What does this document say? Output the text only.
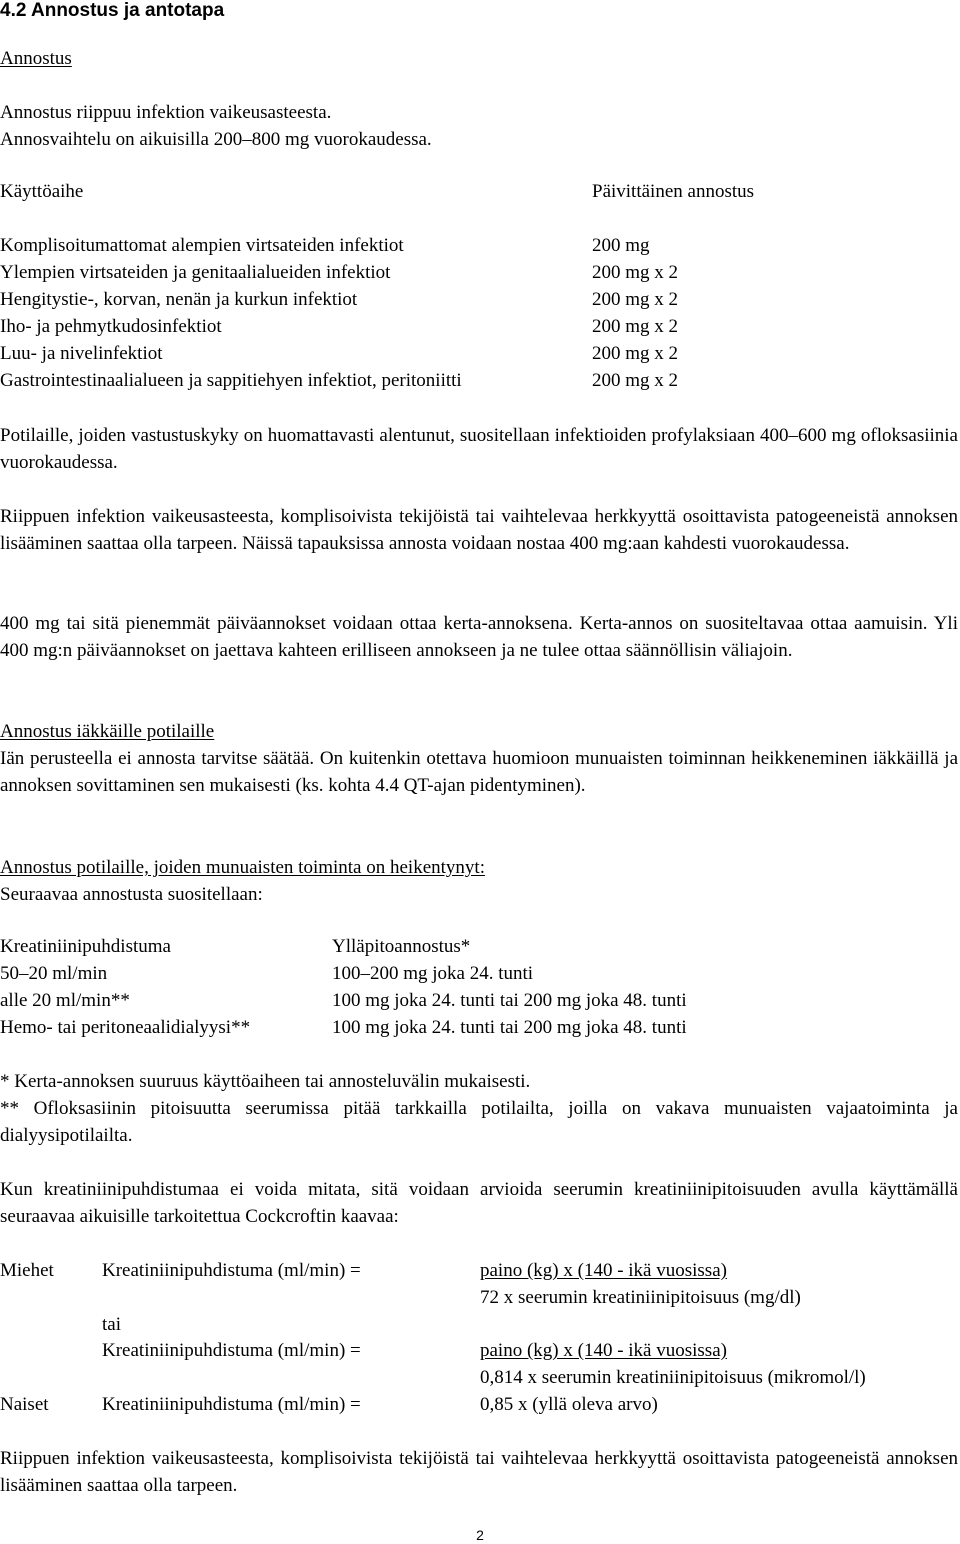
4.2 Annostus ja antotapa
Annostus
Annostus riippuu infektion vaikeusasteesta.
Annosvaihtelu on aikuisilla 200–800 mg vuorokaudessa.
Käyttöaihe	Päivittäinen annostus
Komplisoitumattomat alempien virtsateiden infektiot	200 mg
Ylempien virtsateiden ja genitaalialueiden infektiot	200 mg x 2
Hengitystie-, korvan, nenän ja kurkun infektiot	200 mg x 2
Iho- ja pehmytkudosinfektiot	200 mg x 2
Luu- ja nivelinfektiot	200 mg x 2
Gastrointestinaalialueen ja sappitiehyen infektiot, peritoniitti	200 mg x 2
Potilaille, joiden vastustuskyky on huomattavasti alentunut, suositellaan infektioiden profylaksiaan 400–600 mg ofloksasiinia vuorokaudessa.
Riippuen infektion vaikeusasteesta, komplisoivista tekijöistä tai vaihtelevaa herkkyyttä osoittavista patogeeneistä annoksen lisääminen saattaa olla tarpeen. Näissä tapauksissa annosta voidaan nostaa 400 mg:aan kahdesti vuorokaudessa.
400 mg tai sitä pienemmät päiväannokset voidaan ottaa kerta-annoksena. Kerta-annos on suositeltavaa ottaa aamuisin. Yli 400 mg:n päiväannokset on jaettava kahteen erilliseen annokseen ja ne tulee ottaa säännöllisin väliajoin.
Annostus iäkkäille potilaille
Iän perusteella ei annosta tarvitse säätää. On kuitenkin otettava huomioon munuaisten toiminnan heikkeneminen iäkkäillä ja annoksen sovittaminen sen mukaisesti (ks. kohta 4.4 QT-ajan pidentyminen).
Annostus potilaille, joiden munuaisten toiminta on heikentynyt:
Seuraavaa annostusta suositellaan:
Kreatiniinipuhdistuma	Ylläpitoannostus*
50–20 ml/min	100–200 mg joka 24. tunti
alle 20 ml/min**	100 mg joka 24. tunti tai 200 mg joka 48. tunti
Hemo- tai peritoneaalidialyysi**	100 mg joka 24. tunti tai 200 mg joka 48. tunti
* Kerta-annoksen suuruus käyttöaiheen tai annosteluvälin mukaisesti.
** Ofloksasiinin pitoisuutta seerumissa pitää tarkkailla potilailta, joilla on vakava munuaisten vajaatoiminta ja dialyysipotilailta.
Kun kreatiniinipuhdistumaa ei voida mitata, sitä voidaan arvioida seerumin kreatiniinipitoisuuden avulla käyttämällä seuraavaa aikuisille tarkoitettua Cockcroftin kaavaa:
Miehet	Kreatiniinipuhdistuma (ml/min) =	paino (kg) x (140 - ikä vuosissa)
72 x seerumin kreatiniinipitoisuus (mg/dl)
tai
Kreatiniinipuhdistuma (ml/min) =	paino (kg) x (140 - ikä vuosissa)
0,814 x seerumin kreatiniinipitoisuus (mikromol/l)
Naiset	Kreatiniinipuhdistuma (ml/min) =	0,85 x (yllä oleva arvo)
Riippuen infektion vaikeusasteesta, komplisoivista tekijöistä tai vaihtelevaa herkkyyttä osoittavista patogeeneistä annoksen lisääminen saattaa olla tarpeen.
2
